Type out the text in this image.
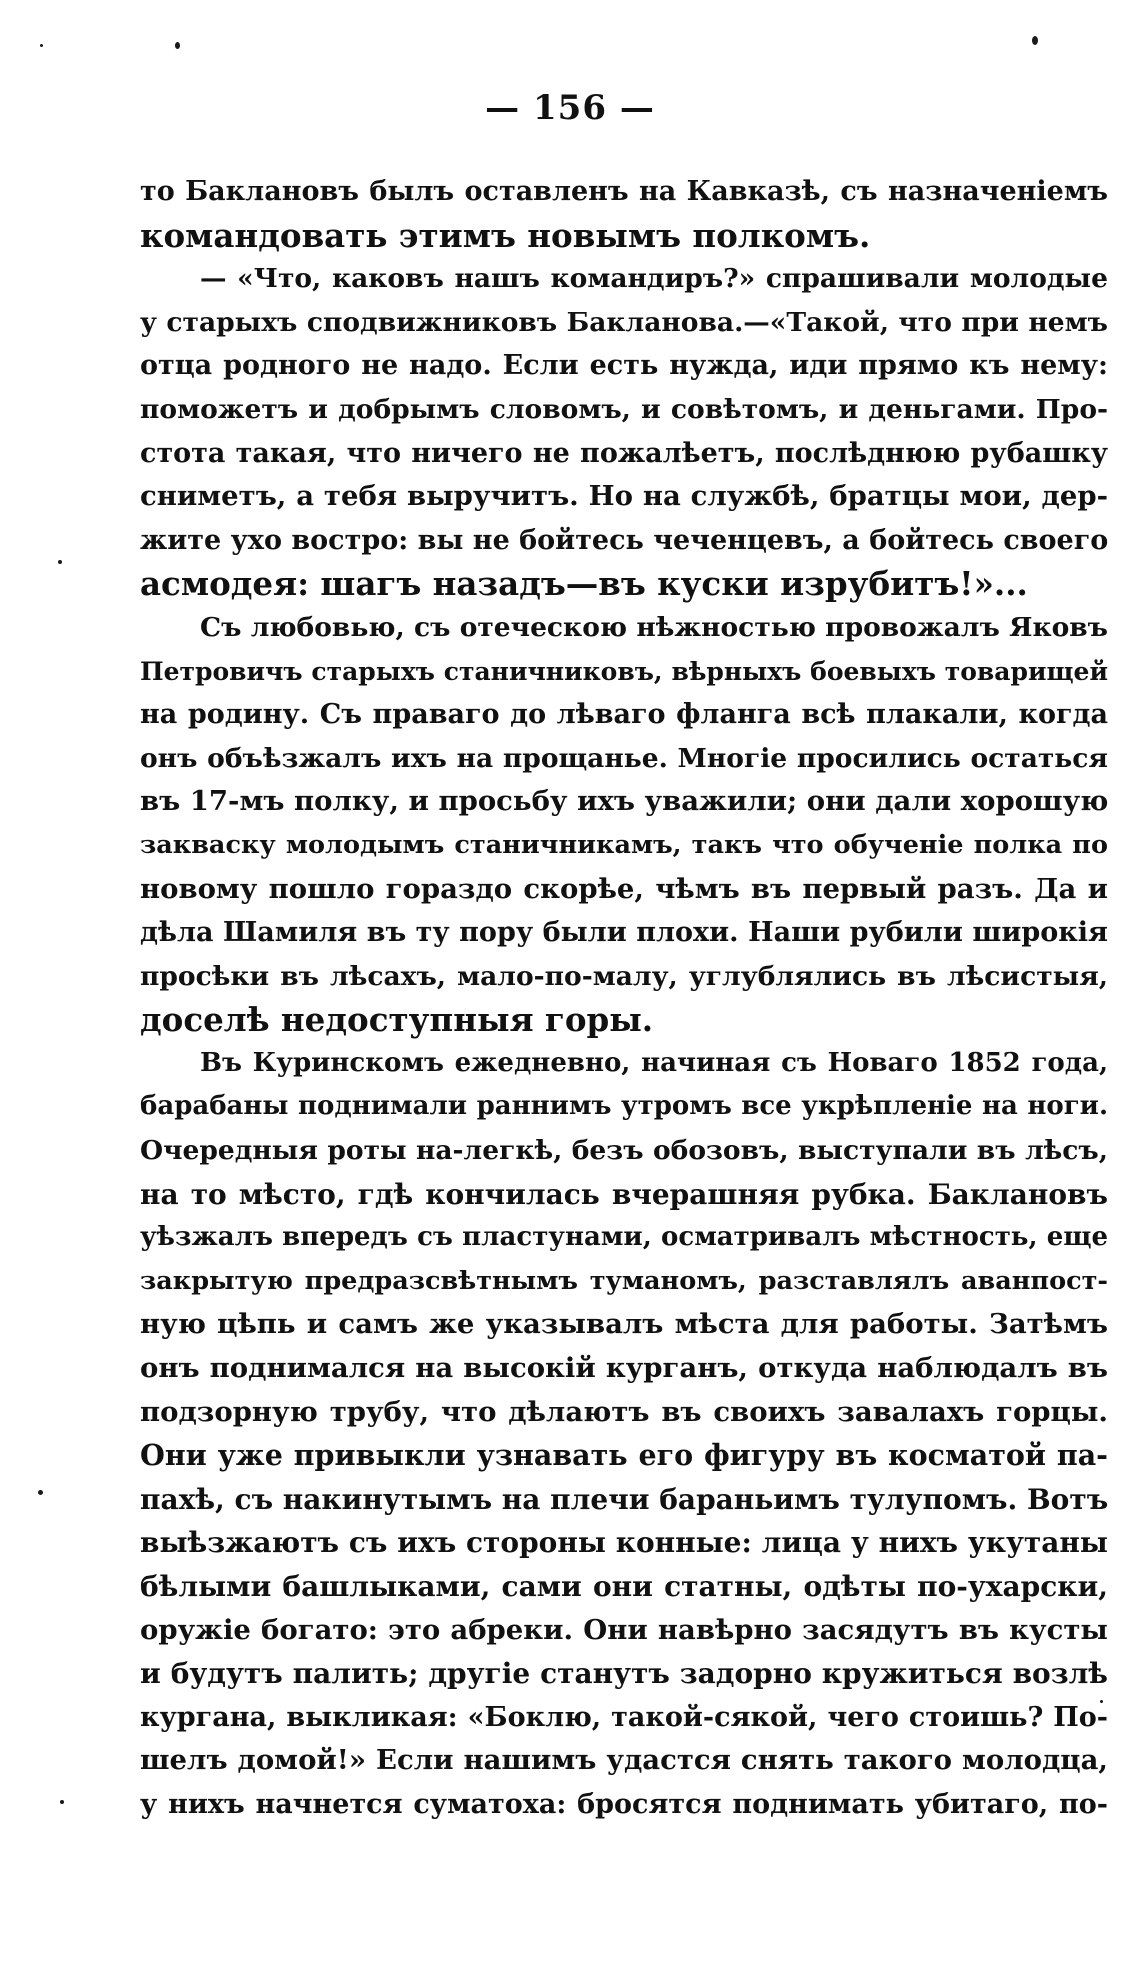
— 156 —
то Баклановъ былъ оставленъ на Кавказѣ, съ назначеніемъ
командовать этимъ новымъ полкомъ.
— «Что, каковъ нашъ командиръ?» спрашивали молодые
у старыхъ сподвижниковъ Бакланова.—«Такой, что при немъ
отца родного не надо. Если есть нужда, иди прямо къ нему:
поможетъ и добрымъ словомъ, и совѣтомъ, и деньгами. Про-
стота такая, что ничего не пожалѣетъ, послѣднюю рубашку
сниметъ, а тебя выручитъ. Но на службѣ, братцы мои, дер-
жите ухо востро: вы не бойтесь чеченцевъ, а бойтесь своего
асмодея: шагъ назадъ—въ куски изрубитъ!»...
Съ любовью, съ отеческою нѣжностью провожалъ Яковъ
Петровичъ старыхъ станичниковъ, вѣрныхъ боевыхъ товарищей
на родину. Съ праваго до лѣваго фланга всѣ плакали, когда
онъ объѣзжалъ ихъ на прощанье. Многіе просились остаться
въ 17-мъ полку, и просьбу ихъ уважили; они дали хорошую
закваску молодымъ станичникамъ, такъ что обученіе полка по
новому пошло гораздо скорѣе, чѣмъ въ первый разъ. Да и
дѣла Шамиля въ ту пору были плохи. Наши рубили широкія
просѣки въ лѣсахъ, мало-по-малу, углублялись въ лѣсистыя,
доселѣ недоступныя горы.
Въ Куринскомъ ежедневно, начиная съ Новаго 1852 года,
барабаны поднимали раннимъ утромъ все укрѣпленіе на ноги.
Очередныя роты на-легкѣ, безъ обозовъ, выступали въ лѣсъ,
на то мѣсто, гдѣ кончилась вчерашняя рубка. Баклановъ
уѣзжалъ впередъ съ пластунами, осматривалъ мѣстность, еще
закрытую предразсвѣтнымъ туманомъ, разставлялъ аванпост-
ную цѣпь и самъ же указывалъ мѣста для работы. Затѣмъ
онъ поднимался на высокій курганъ, откуда наблюдалъ въ
подзорную трубу, что дѣлаютъ въ своихъ завалахъ горцы.
Они уже привыкли узнавать его фигуру въ косматой па-
пахѣ, съ накинутымъ на плечи бараньимъ тулупомъ. Вотъ
выѣзжаютъ съ ихъ стороны конные: лица у нихъ укутаны
бѣлыми башлыками, сами они статны, одѣты по-ухарски,
оружіе богато: это абреки. Они навѣрно засядутъ въ кусты
и будутъ палить; другіе станутъ задорно кружиться возлѣ
кургана, выкликая: «Боклю, такой-сякой, чего стоишь? По-
шелъ домой!» Если нашимъ удастся снять такого молодца,
у нихъ начнется суматоха: бросятся поднимать убитаго, по-
